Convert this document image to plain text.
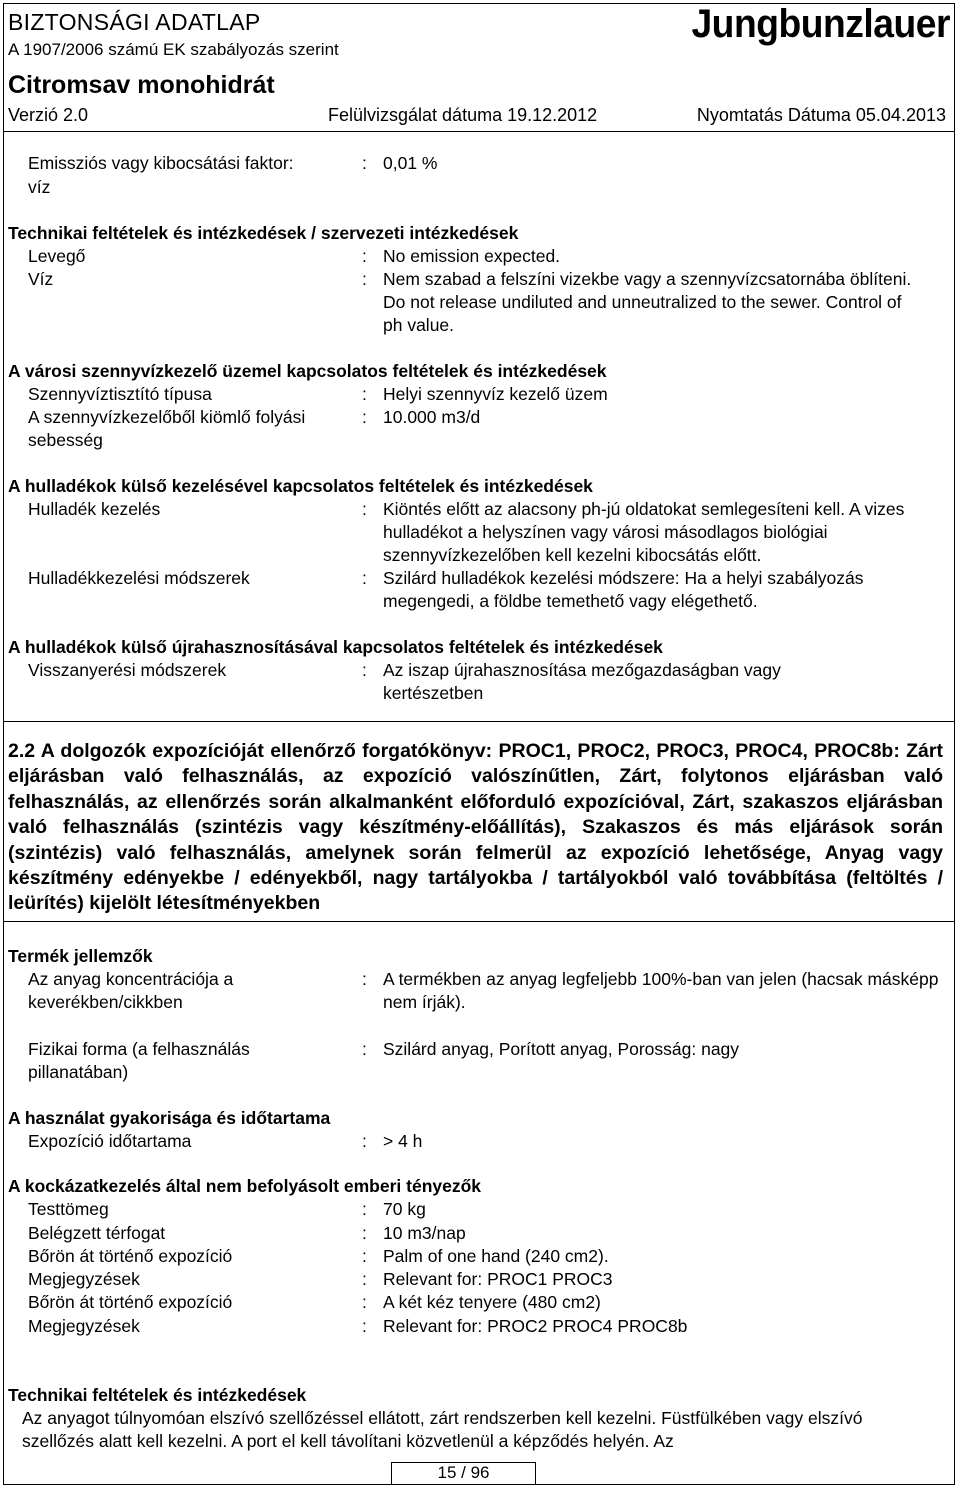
BIZTONSÁGI ADATLAP
A 1907/2006 számú EK szabályozás szerint
Citromsav monohidrát
Jungbunzlauer
Verzió 2.0	Felülvizsgálat dátuma 19.12.2012	Nyomtatás Dátuma 05.04.2013
Emissziós vagy kibocsátási faktor:
víz
: 0,01 %
Technikai feltételek és intézkedések / szervezeti intézkedések
Levegő	: No emission expected.
Víz	: Nem szabad a felszíni vizekbe vagy a szennyvízcsatornába öblíteni. Do not release undiluted and unneutralized to the sewer. Control of ph value.
A városi szennyvízkezelő üzemel kapcsolatos feltételek és intézkedések
Szennyvíztisztító típusa	: Helyi szennyvíz kezelő üzem
A szennyvízkezelőből kiömlő folyási sebesség
: 10.000 m3/d
A hulladékok külső kezelésével kapcsolatos feltételek és intézkedések
Hulladék kezelés	: Kiöntés előtt az alacsony ph-jú oldatokat semlegesíteni kell. A vizes hulladékot a helyszínen vagy városi másodlagos biológiai szennyvízkezelőben kell kezelni kibocsátás előtt.
Hulladékkezelési módszerek	: Szilárd hulladékok kezelési módszere: Ha a helyi szabályozás megengedi, a földbe temethető vagy elégethető.
A hulladékok külső újrahasznosításával kapcsolatos feltételek és intézkedések
Visszanyerési módszerek	: Az iszap újrahasznosítása mezőgazdaságban vagy kertészetben
2.2 A dolgozók expozícióját ellenőrző forgatókönyv: PROC1, PROC2, PROC3, PROC4, PROC8b: Zárt eljárásban való felhasználás, az expozíció valószínűtlen, Zárt, folytonos eljárásban való felhasználás, az ellenőrzés során alkalmanként előforduló expozícióval, Zárt, szakaszos eljárásban való felhasználás (szintézis vagy készítmény-előállítás), Szakaszos és más eljárások során (szintézis) való felhasználás, amelynek során felmerül az expozíció lehetősége, Anyag vagy készítmény edényekbe / edényekből, nagy tartályokba / tartályokból való továbbítása (feltöltés / leürítés) kijelölt létesítményekben
Termék jellemzők
Az anyag koncentrációja a keverékben/cikkben
: A termékben az anyag legfeljebb 100%-ban van jelen (hacsak másképp nem írják).
Fizikai forma (a felhasználás pillanatában)
: Szilárd anyag, Porított anyag, Porosság: nagy
A használat gyakorisága és időtartama
Expozíció időtartama	: > 4 h
A kockázatkezelés által nem befolyásolt emberi tényezők
Testtömeg	: 70 kg
Belégzett térfogat	: 10 m3/nap
Bőrön át történő expozíció	: Palm of one hand (240 cm2).
Megjegyzések	: Relevant for: PROC1 PROC3
Bőrön át történő expozíció	: A két kéz tenyere (480 cm2)
Megjegyzések	: Relevant for: PROC2 PROC4 PROC8b
Technikai feltételek és intézkedések
Az anyagot túlnyomóan elszívó szellőzéssel ellátott, zárt rendszerben kell kezelni. Füstfülkében vagy elszívó szellőzés alatt kell kezelni. A port el kell távolítani közvetlenül a képződés helyén. Az
15 / 96
